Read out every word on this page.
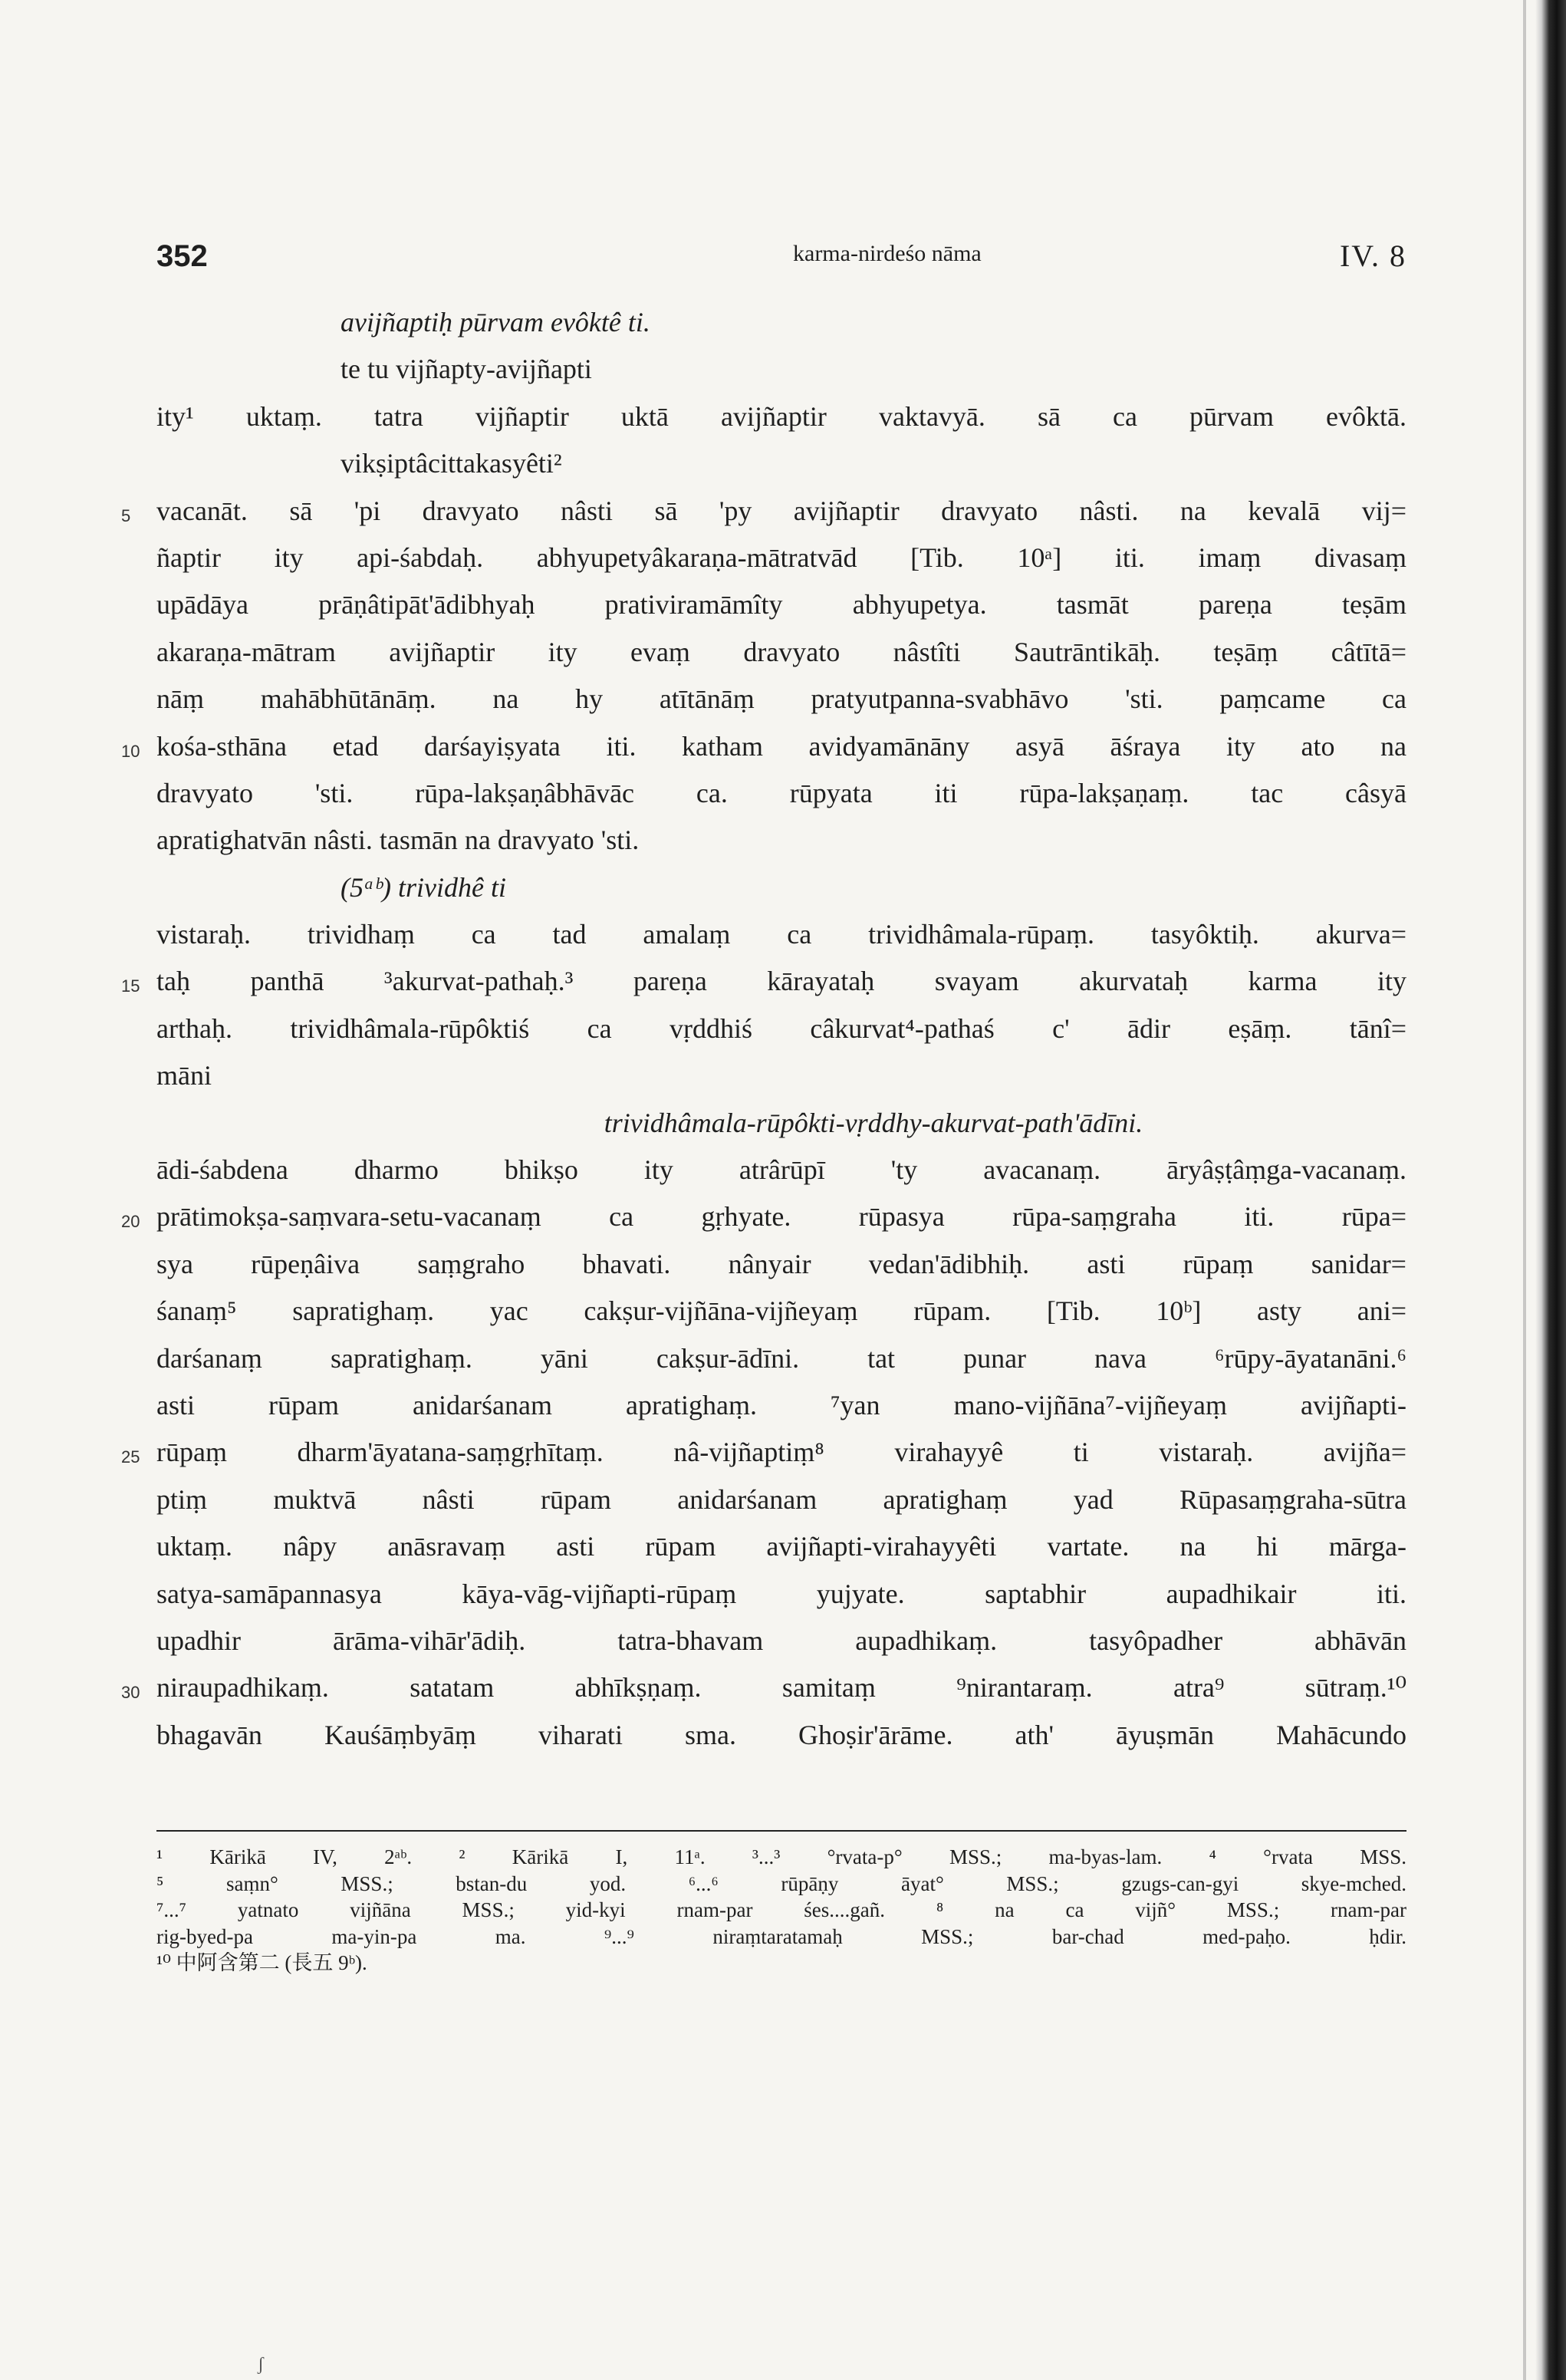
352	karma-nirdeśo nāma	IV. 8
avijñaptiḥ pūrvam evôktê ti.
te tu vijñapty-avijñapti
ity¹ uktaṃ. tatra vijñaptir uktā avijñaptir vaktavyā. sā ca pūrvam evôktā.
vikṣiptâcittakasyêti²
5 vacanāt. sā 'pi dravyato nâsti sā 'py avijñaptir dravyato nâsti. na kevalā vij=
ñaptir ity api-śabdaḥ. abhyupetyâkaraṇa-mātratvād [Tib. 10ᵃ] iti. imaṃ divasaṃ
upādāya prāṇâtipāt'ādibhyaḥ prativiramāmîty abhyupetya. tasmāt pareṇa teṣām
akaraṇa-mātram avijñaptir ity evaṃ dravyato nâstîti Sautrāntikāḥ. teṣāṃ câtītā=
nāṃ mahābhūtānāṃ. na hy atītānāṃ pratyutpanna-svabhāvo 'sti. paṃcame ca
10 kośa-sthāna etad darśayiṣyata iti. katham avidyamānāny asyā āśraya ity ato na
dravyato 'sti. rūpa-lakṣaṇâbhāvāc ca. rūpyata iti rūpa-lakṣaṇaṃ. tac câsyā
apratighatvān nâsti. tasmān na dravyato 'sti.
(5ᵃᵇ) trividhê ti
vistaraḥ. trividhaṃ ca tad amalaṃ ca trividhâmala-rūpaṃ. tasyôktiḥ. akurva=
15 taḥ panthā ³akurvat-pathaḥ.³ pareṇa kārayataḥ svayam akurvataḥ karma ity
arthaḥ. trividhâmala-rūpôktiś ca vṛddhiś câkurvat⁴-pathaś c' ādir eṣāṃ. tānî=
māni
trividhâmala-rūpôkti-vṛddhy-akurvat-path'ādīni.
ādi-śabdena dharmo bhikṣo ity atrârūpī 'ty avacanaṃ. āryâṣṭâṃga-vacanaṃ.
20 prātimokṣa-saṃvara-setu-vacanaṃ ca gṛhyate. rūpasya rūpa-saṃgraha iti. rūpa=
sya rūpeṇâiva saṃgraho bhavati. nânyair vedan'ādibhiḥ. asti rūpaṃ sanidar=
śanaṃ⁵ sapratighaṃ. yac cakṣur-vijñāna-vijñeyaṃ rūpam. [Tib. 10ᵇ] asty ani=
darśanaṃ sapratighaṃ. yāni cakṣur-ādīni. tat punar nava ⁶rūpy-āyatanāni.⁶
asti rūpam anidarśanam apratighaṃ. ⁷yan mano-vijñāna⁷-vijñeyaṃ avijñapti-
25 rūpaṃ dharm'āyatana-saṃgṛhītaṃ. nâ-vijñaptiṃ⁸ virahayyê ti vistaraḥ. avijña=
ptiṃ muktvā nâsti rūpam anidarśanam apratighaṃ yad Rūpasaṃgraha-sūtra
uktaṃ. nâpy anāsravaṃ asti rūpam avijñapti-virahayyêti vartate. na hi mārga-
satya-samāpannasya kāya-vāg-vijñapti-rūpaṃ yujyate. saptabhir aupadhikair iti.
upadhir ārāma-vihār'ādiḥ. tatra-bhavam aupadhikaṃ. tasyôpadher abhāvān
30 niraupadhikaṃ. satatam abhīkṣṇaṃ. samitaṃ ⁹nirantaraṃ. atra⁹ sūtraṃ.¹⁰
bhagavān Kauśāṃbyāṃ viharati sma. Ghoṣir'ārāme. ath' āyuṣmān Mahācundo
¹ Kārikā IV, 2ᵃᵇ. ² Kārikā I, 11ᵃ. ³...³ °rvata-p° MSS.; ma-byas-lam. ⁴ °rvata MSS.
⁵ saṃn° MSS.; bstan-du yod. ⁶...⁶ rūpāṇy āyat° MSS.; gzugs-can-gyi skye-mched.
⁷...⁷ yatnato vijñāna MSS.; yid-kyi rnam-par śes....gañ. ⁸ na ca vijñ° MSS.; rnam-par
rig-byed-pa ma-yin-pa ma. ⁹...⁹ niraṃtaratamaḥ MSS.; bar-chad med-paḥo. ḥdir.
¹⁰ 中阿含第二 (長五 9ᵇ).
ʃ
